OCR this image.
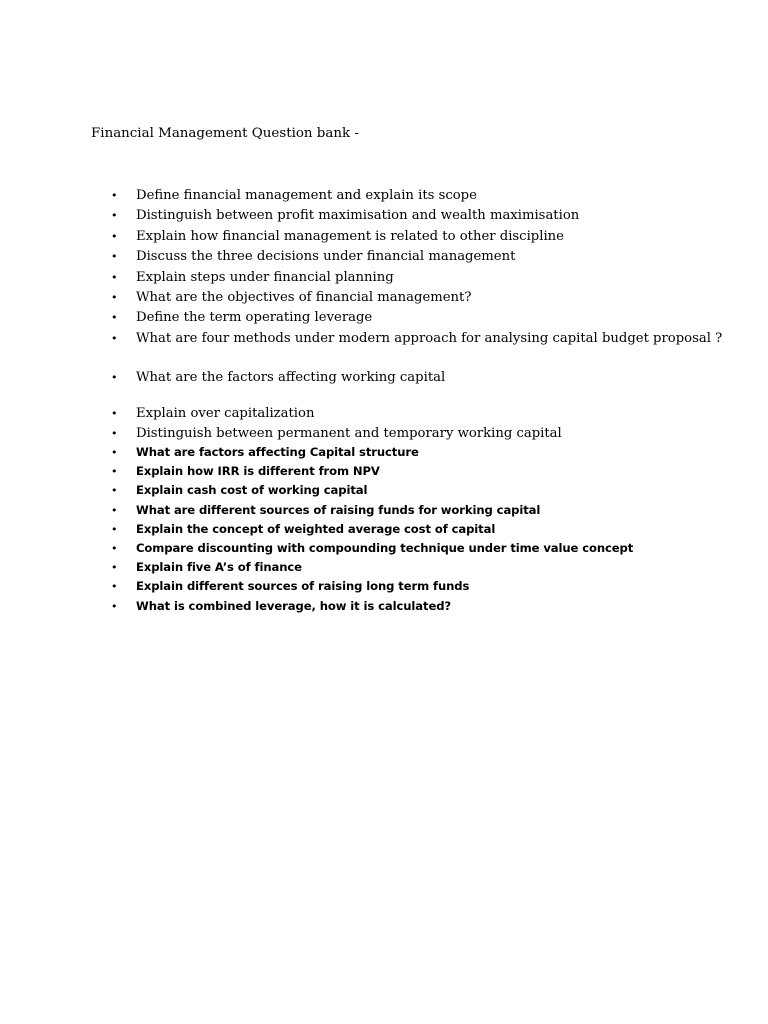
Financial Management Question bank -
• Define financial management and explain its scope
• Distinguish between profit maximisation and wealth maximisation
• Explain how financial management is related to other discipline
• Discuss the three decisions under financial management
• Explain steps under financial planning
• What are the objectives of financial management?
• Define the term operating leverage
• What are four methods under modern approach for analysing capital budget proposal ?
• What are the factors affecting working capital
• Explain over capitalization
• Distinguish between permanent and temporary working capital
• What are factors affecting Capital structure
• Explain how IRR is different from NPV
• Explain cash cost of working capital
• What are different sources of raising funds for working capital
• Explain the concept of weighted average cost of capital
• Compare discounting with compounding technique under time value concept
• Explain five A’s of finance
• Explain different sources of raising long term funds
• What is combined leverage, how it is calculated?
